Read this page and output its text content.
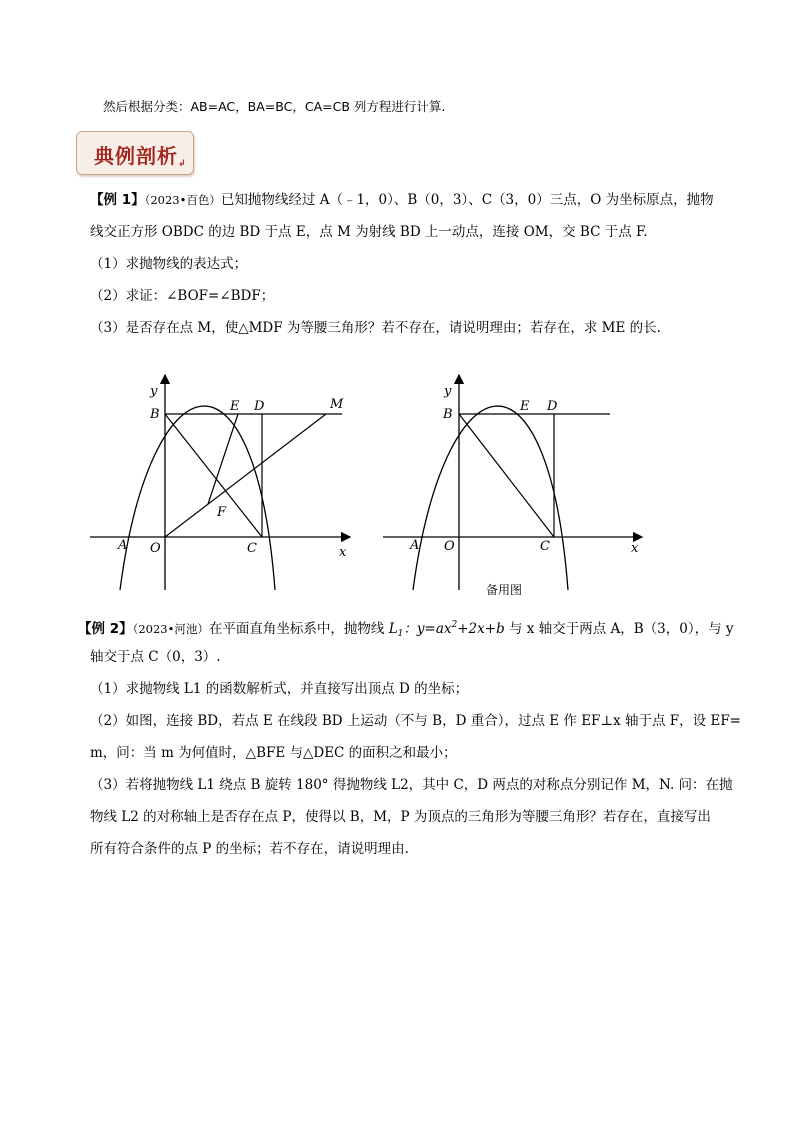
然后根据分类：AB=AC，BA=BC，CA=CB 列方程进行计算.
典例剖析↲
【例 1】（2023•百色）已知抛物线经过 A（﹣1，0）、B（0，3）、C（3，0）三点，O 为坐标原点，抛物
线交正方形 OBDC 的边 BD 于点 E，点 M 为射线 BD 上一动点，连接 OM，交 BC 于点 F.
（1）求抛物线的表达式；
（2）求证：∠BOF=∠BDF；
（3）是否存在点 M，使△MDF 为等腰三角形？若不存在，请说明理由；若存在，求 ME 的长.
y
x
B
E D	M
F
A O	C
y
x
B
E D
A O	C
备用图
【例 2】（2023•河池）在平面直角坐标系中，抛物线 $L_1$：$y=ax^2+2x+b$ 与 x 轴交于两点 A，B（3，0），与 y
轴交于点 C（0，3）.
（1）求抛物线 L1 的函数解析式，并直接写出顶点 D 的坐标；
（2）如图，连接 BD，若点 E 在线段 BD 上运动（不与 B，D 重合），过点 E 作 EF⊥x 轴于点 F，设 EF=
m，问：当 m 为何值时，△BFE 与△DEC 的面积之和最小；
（3）若将抛物线 L1 绕点 B 旋转 180° 得抛物线 L2，其中 C，D 两点的对称点分别记作 M，N. 问：在抛
物线 L2 的对称轴上是否存在点 P，使得以 B，M，P 为顶点的三角形为等腰三角形？若存在，直接写出
所有符合条件的点 P 的坐标；若不存在，请说明理由.
